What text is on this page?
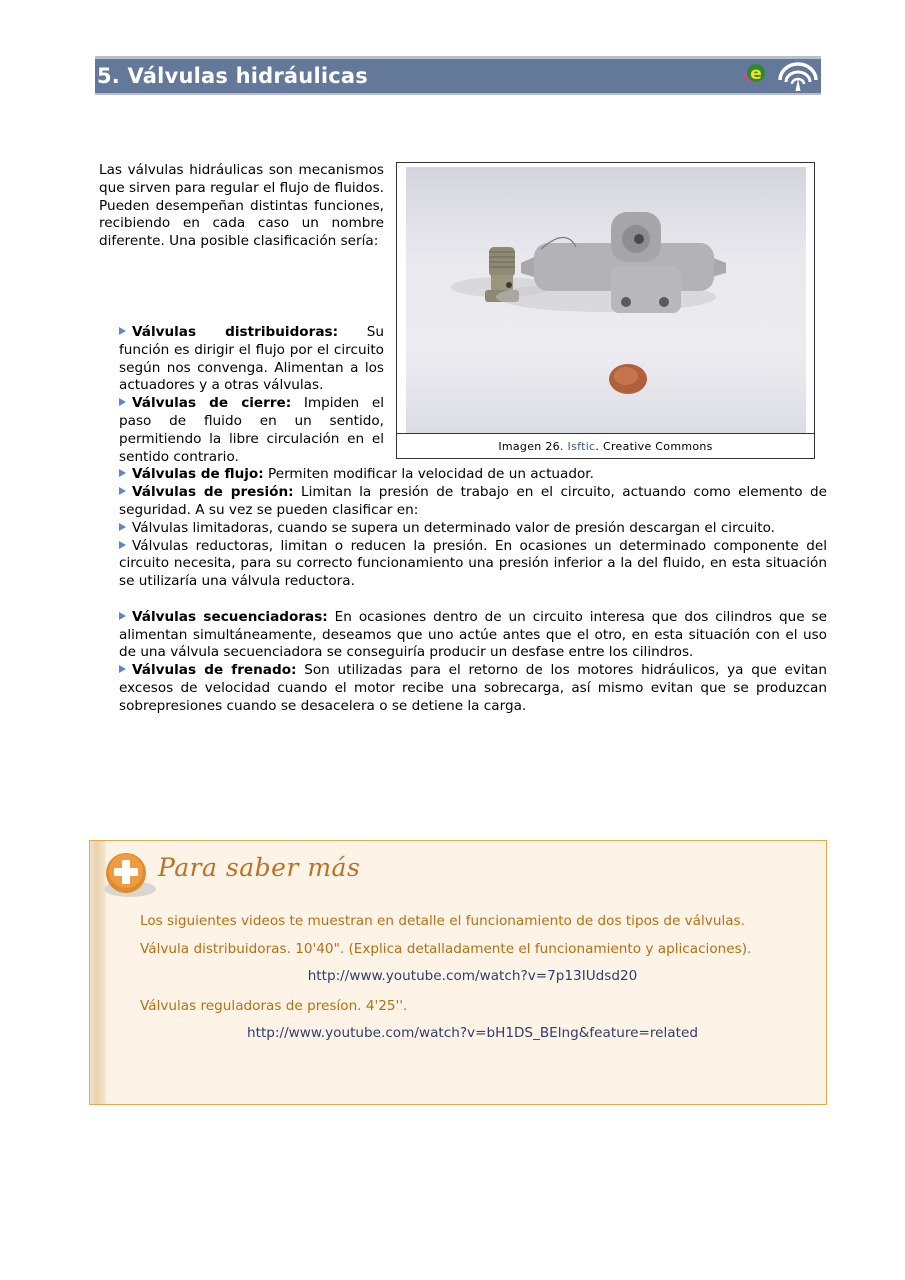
5. Válvulas hidráulicas	e

Las válvulas hidráulicas son mecanismos que sirven para regular el flujo de fluidos. Pueden desempeñan distintas funciones, recibiendo en cada caso un nombre diferente. Una posible clasificación sería:

Imagen 26. Isftic. Creative Commons
Válvulas distribuidoras: Su función es dirigir el flujo por el circuito según nos convenga. Alimentan a los actuadores y a otras válvulas.
Válvulas de cierre: Impiden el paso de fluido en un sentido, permitiendo la libre circulación en el sentido contrario.
Válvulas de flujo: Permiten modificar la velocidad de un actuador.
Válvulas de presión: Limitan la presión de trabajo en el circuito, actuando como elemento de seguridad. A su vez se pueden clasificar en:
Válvulas limitadoras, cuando se supera un determinado valor de presión descargan el circuito.
Válvulas reductoras, limitan o reducen la presión. En ocasiones un determinado componente del circuito necesita, para su correcto funcionamiento una presión inferior a la del fluido, en esta situación se utilizaría una válvula reductora.
Válvulas secuenciadoras: En ocasiones dentro de un circuito interesa que dos cilindros que se alimentan simultáneamente, deseamos que uno actúe antes que el otro, en esta situación con el uso de una válvula secuenciadora se conseguiría producir un desfase entre los cilindros.
Válvulas de frenado: Son utilizadas para el retorno de los motores hidráulicos, ya que evitan excesos de velocidad cuando el motor recibe una sobrecarga, así mismo evitan que se produzcan sobrepresiones cuando se desacelera o se detiene la carga.
Para saber más

Los siguientes videos te muestran en detalle el funcionamiento de dos tipos de válvulas.

Válvula distribuidoras. 10'40". (Explica detalladamente el funcionamiento y aplicaciones).

http://www.youtube.com/watch?v=7p13IUdsd20

Válvulas reguladoras de presíon. 4'25''.

http://www.youtube.com/watch?v=bH1DS_BElng&feature=related
